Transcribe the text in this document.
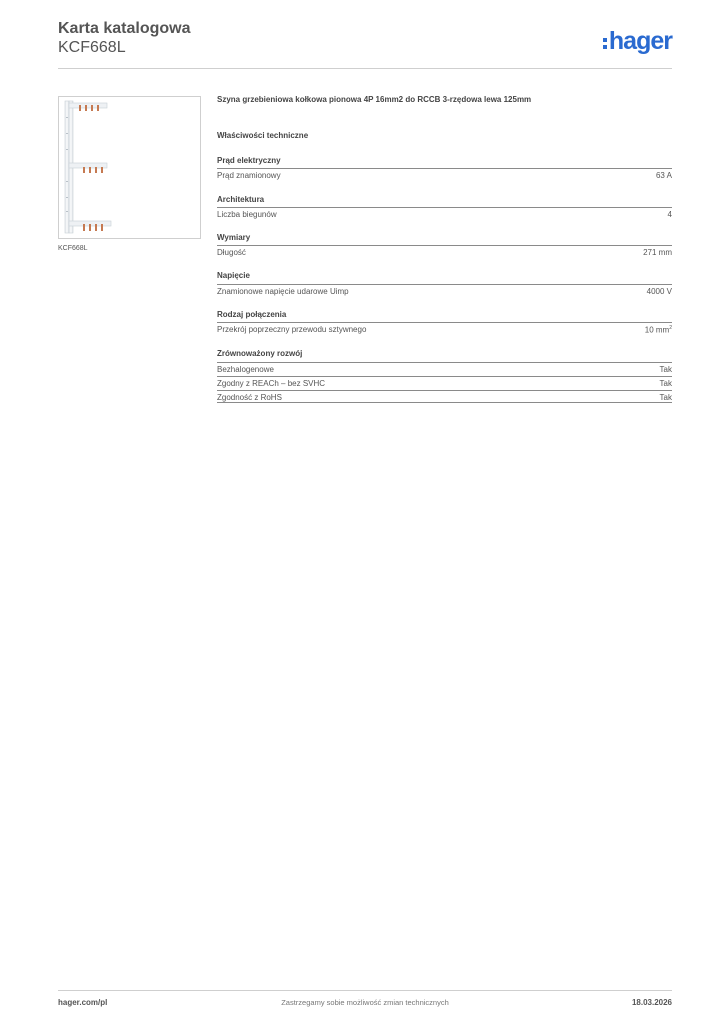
Karta katalogowa
KCF668L	hager
KCF668L
Szyna grzebieniowa kołkowa pionowa 4P 16mm2 do RCCB 3-rzędowa lewa 125mm
Właściwości techniczne
Prąd elektryczny
Prąd znamionowy	63 A
Architektura
Liczba biegunów	4
Wymiary
Długość	271 mm
Napięcie
Znamionowe napięcie udarowe Uimp	4000 V
Rodzaj połączenia
Przekrój poprzeczny przewodu sztywnego	10 $mm^2$
Zrównoważony rozwój
Bezhalogenowe	Tak
Zgodny z REACh – bez SVHC	Tak
Zgodność z RoHS	Tak
hager.com/pl	Zastrzegamy sobie możliwość zmian technicznych	18.03.2026
